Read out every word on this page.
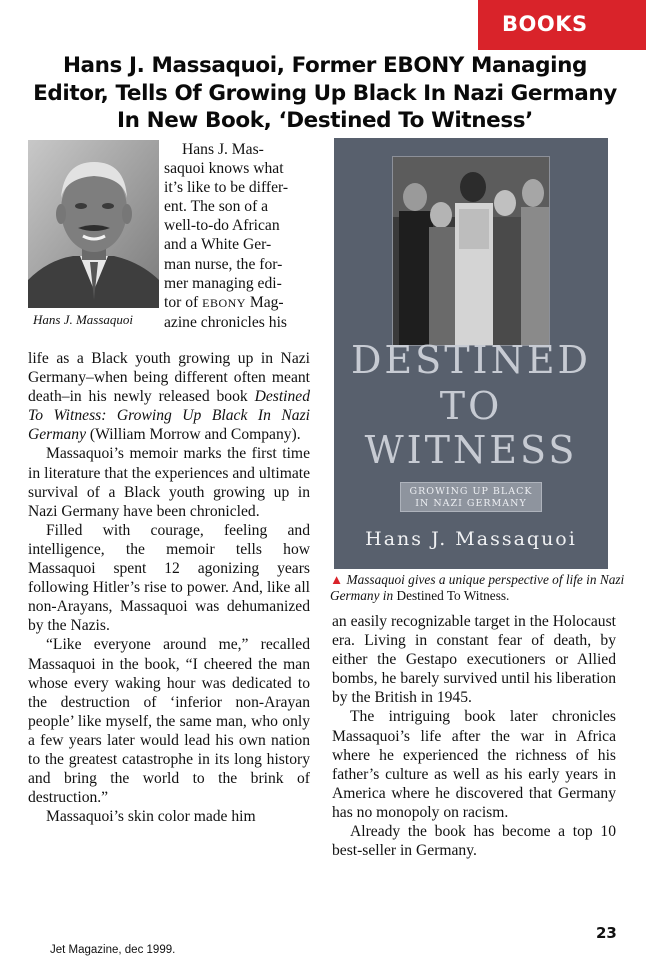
BOOKS
Hans J. Massaquoi, Former EBONY Managing
Editor, Tells Of Growing Up Black In Nazi Germany
In New Book, ‘Destined To Witness’
Hans J. Massaquoi

Hans J. Mas-

saquoi knows what

it’s like to be differ-

ent. The son of a

well-to-do African

and a White Ger-

man nurse, the for-

mer managing edi-

tor of EBONY Mag-

azine chronicles his

life as a Black youth growing up in Nazi Germany–when being different often meant death–in his newly released book Destined To Witness: Growing Up Black In Nazi Germany (William Morrow and Company).

Massaquoi’s memoir marks the first time in literature that the experiences and ultimate survival of a Black youth growing up in Nazi Germany have been chronicled.

Filled with courage, feeling and intelligence, the memoir tells how Massaquoi spent 12 agonizing years following Hitler’s rise to power. And, like all non-Arayans, Massaquoi was dehumanized by the Nazis.

“Like everyone around me,” recalled Massaquoi in the book, “I cheered the man whose every waking hour was dedicated to the destruction of ‘inferior non-Arayan people’ like myself, the same man, who only a few years later would lead his own nation to the greatest catastrophe in its long history and bring the world to the brink of destruction.”

Massaquoi’s skin color made him

DESTINED
TO
WITNESS
GROWING UP BLACK
IN NAZI GERMANY
Hans J. Massaquoi
▲ Massaquoi gives a unique perspective of life in Nazi Germany in Destined To Witness.

an easily recognizable target in the Holocaust era. Living in constant fear of death, by either the Gestapo executioners or Allied bombs, he barely survived until his liberation by the British in 1945.

The intriguing book later chronicles Massaquoi’s life after the war in Africa where he experienced the richness of his father’s culture as well as his early years in America where he discovered that Germany has no monopoly on racism.

Already the book has become a top 10 best-seller in Germany.

23
Jet Magazine, dec 1999.
